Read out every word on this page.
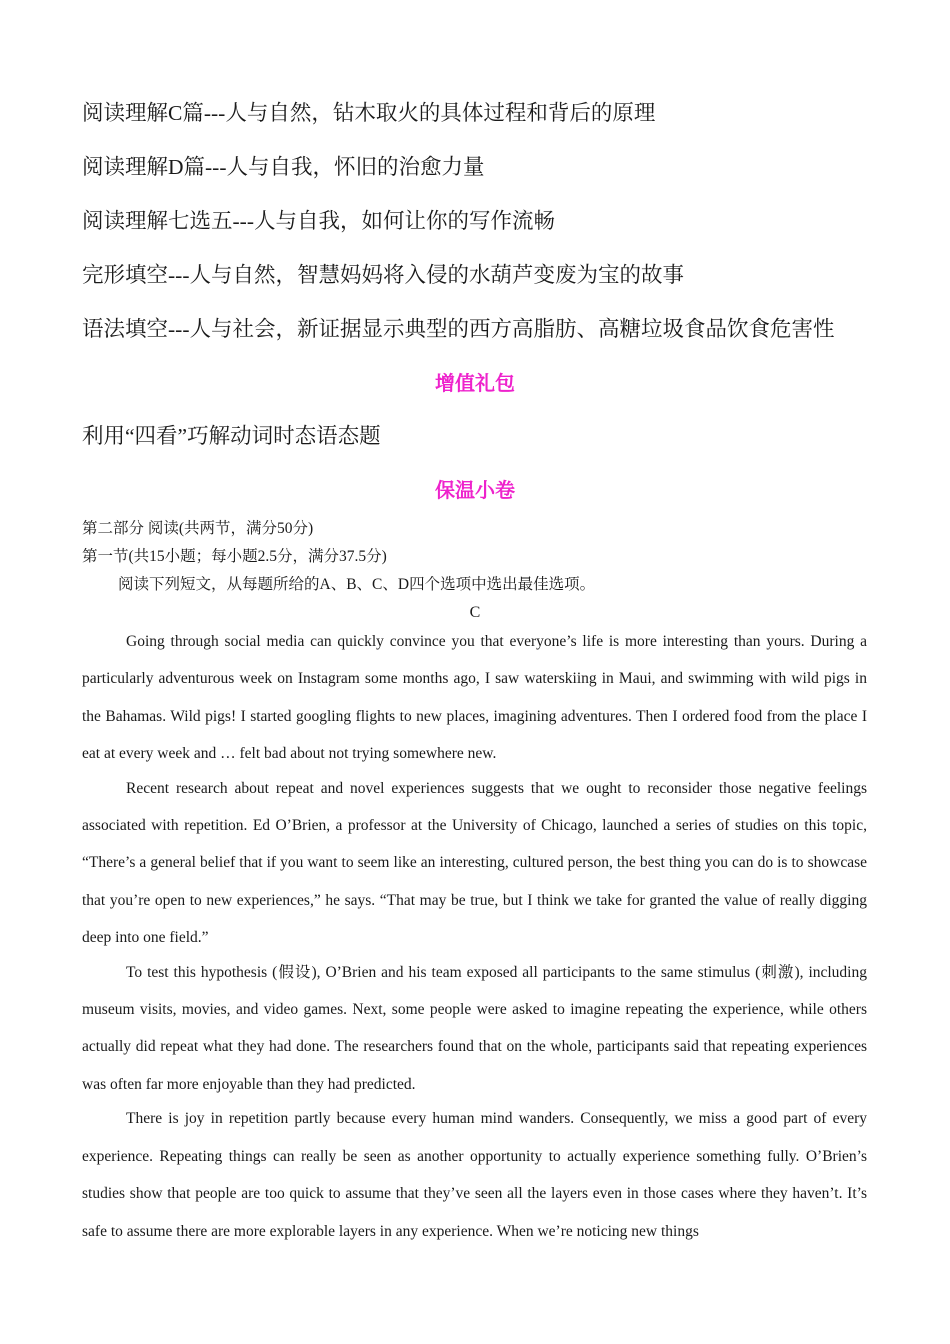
阅读理解C篇---人与自然，钻木取火的具体过程和背后的原理
阅读理解D篇---人与自我，怀旧的治愈力量
阅读理解七选五---人与自我，如何让你的写作流畅
完形填空---人与自然，智慧妈妈将入侵的水葫芦变废为宝的故事
语法填空---人与社会，新证据显示典型的西方高脂肪、高糖垃圾食品饮食危害性
增值礼包
利用“四看”巧解动词时态语态题
保温小卷
第二部分 阅读(共两节，满分50分)
第一节(共15小题；每小题2.5分，满分37.5分)
阅读下列短文，从每题所给的A、B、C、D四个选项中选出最佳选项。
C

Going through social media can quickly convince you that everyone’s life is more interesting than yours. During a particularly adventurous week on Instagram some months ago, I saw waterskiing in Maui, and swimming with wild pigs in the Bahamas. Wild pigs! I started googling flights to new places, imagining adventures. Then I ordered food from the place I eat at every week and … felt bad about not trying somewhere new.

Recent research about repeat and novel experiences suggests that we ought to reconsider those negative feelings associated with repetition. Ed O’Brien, a professor at the University of Chicago, launched a series of studies on this topic, “There’s a general belief that if you want to seem like an interesting, cultured person, the best thing you can do is to showcase that you’re open to new experiences,” he says. “That may be true, but I think we take for granted the value of really digging deep into one field.”

To test this hypothesis (假设), O’Brien and his team exposed all participants to the same stimulus (刺激), including museum visits, movies, and video games. Next, some people were asked to imagine repeating the experience, while others actually did repeat what they had done. The researchers found that on the whole, participants said that repeating experiences was often far more enjoyable than they had predicted.

There is joy in repetition partly because every human mind wanders. Consequently, we miss a good part of every experience. Repeating things can really be seen as another opportunity to actually experience something fully. O’Brien’s studies show that people are too quick to assume that they’ve seen all the layers even in those cases where they haven’t. It’s safe to assume there are more explorable layers in any experience. When we’re noticing new things
